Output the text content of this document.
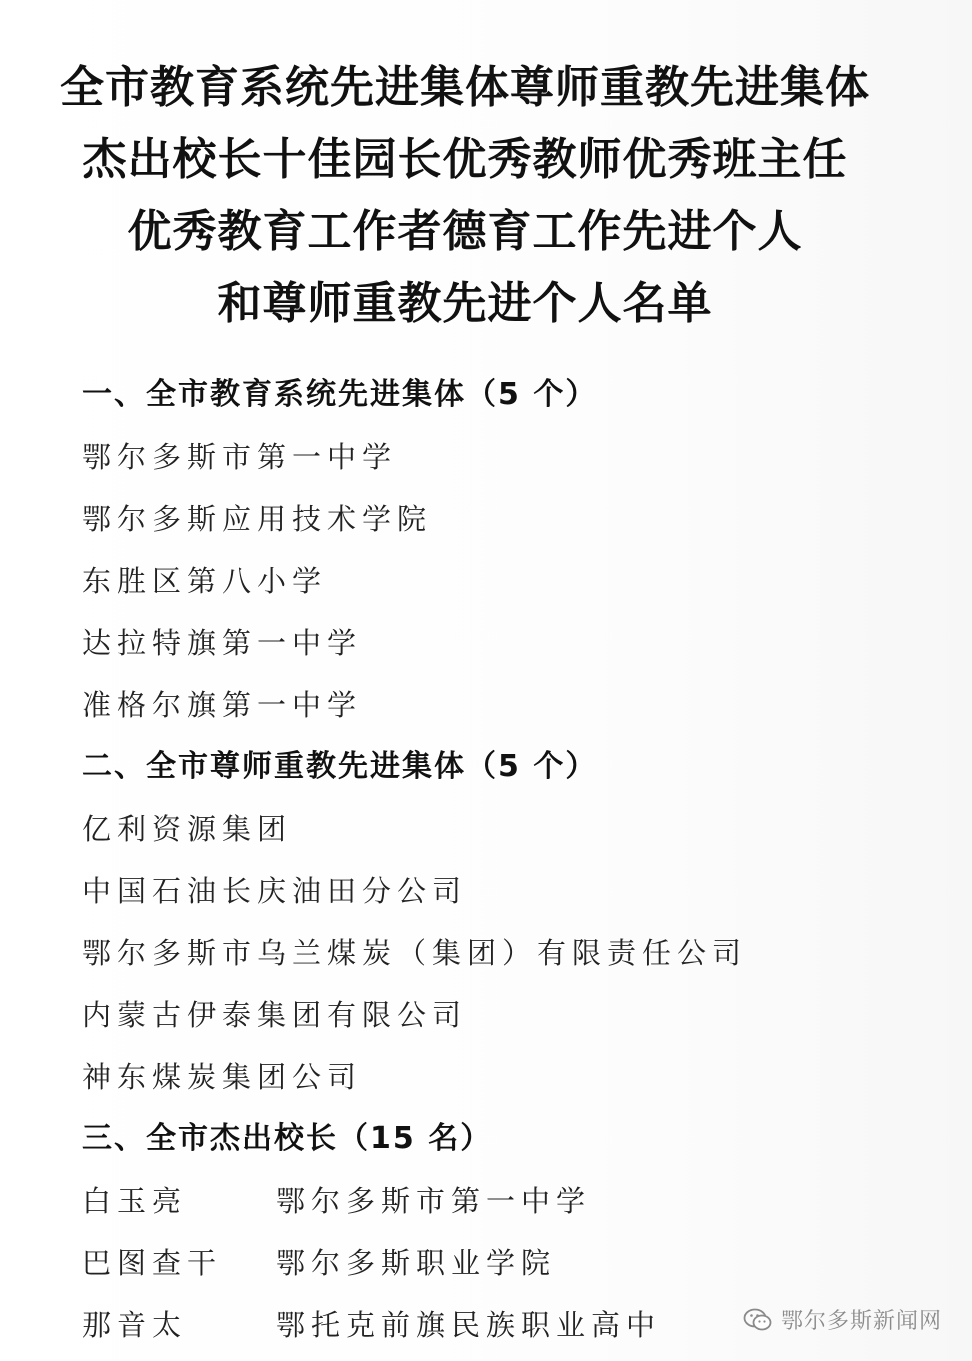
全市教育系统先进集体尊师重教先进集体
杰出校长十佳园长优秀教师优秀班主任
优秀教育工作者德育工作先进个人
和尊师重教先进个人名单
一、全市教育系统先进集体（5 个）
鄂尔多斯市第一中学
鄂尔多斯应用技术学院
东胜区第八小学
达拉特旗第一中学
准格尔旗第一中学
二、全市尊师重教先进集体（5 个）
亿利资源集团
中国石油长庆油田分公司
鄂尔多斯市乌兰煤炭（集团）有限责任公司
内蒙古伊泰集团有限公司
神东煤炭集团公司
三、全市杰出校长（15 名）
白玉亮	鄂尔多斯市第一中学
巴图查干	鄂尔多斯职业学院
那音太	鄂托克前旗民族职业高中	鄂尔多斯新闻网
